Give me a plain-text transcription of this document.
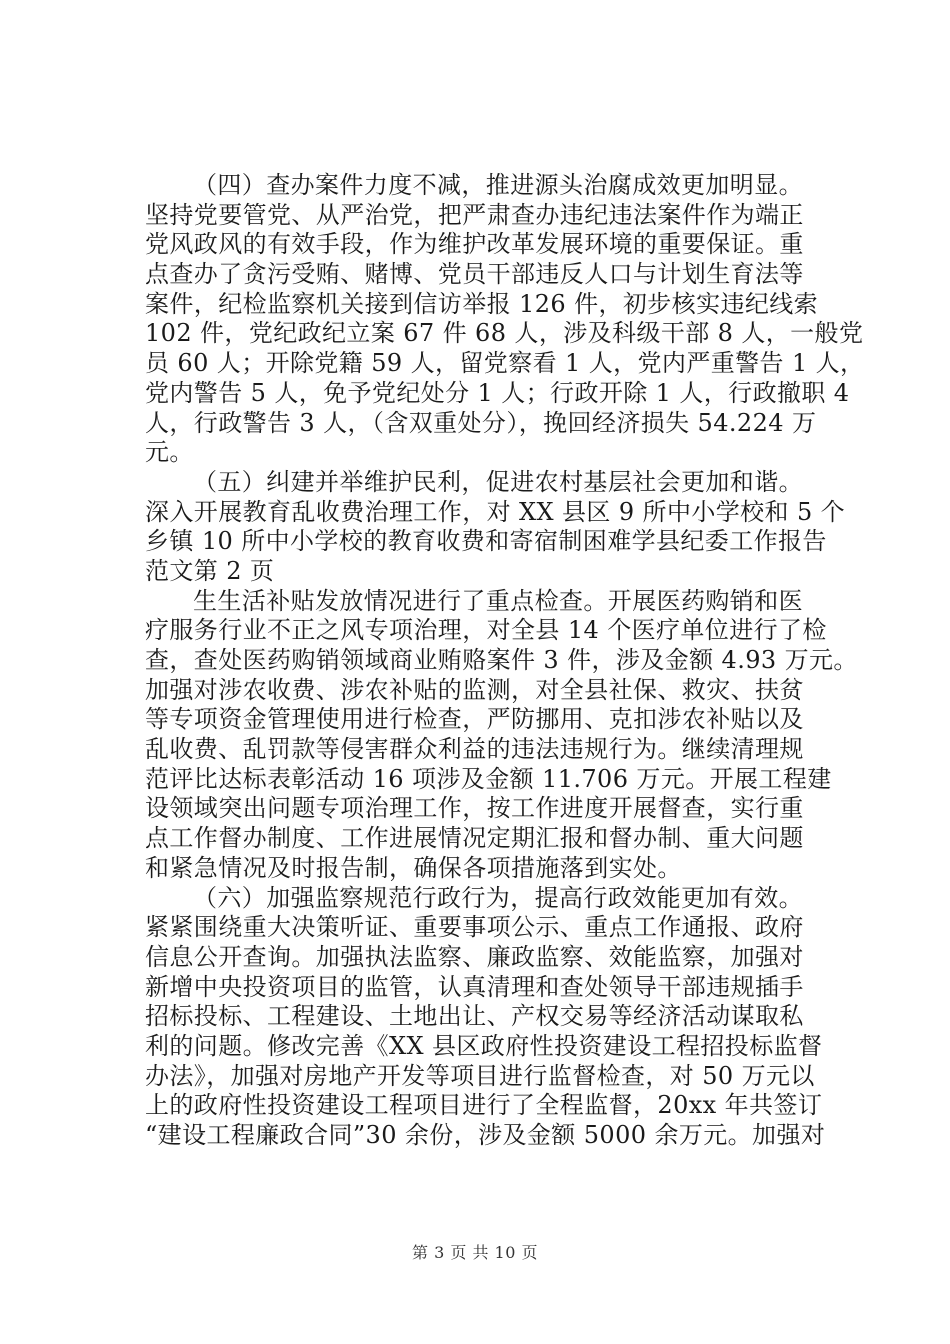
（四）查办案件力度不减，推进源头治腐成效更加明显。
坚持党要管党、从严治党，把严肃查办违纪违法案件作为端正
党风政风的有效手段，作为维护改革发展环境的重要保证。重
点查办了贪污受贿、赌博、党员干部违反人口与计划生育法等
案件，纪检监察机关接到信访举报 126 件，初步核实违纪线索
102 件，党纪政纪立案 67 件 68 人，涉及科级干部 8 人，一般党
员 60 人；开除党籍 59 人，留党察看 1 人，党内严重警告 1 人，
党内警告 5 人，免予党纪处分 1 人；行政开除 1 人，行政撤职 4
人，行政警告 3 人，（含双重处分），挽回经济损失 54.224 万
元。
（五）纠建并举维护民利，促进农村基层社会更加和谐。
深入开展教育乱收费治理工作，对 XX 县区 9 所中小学校和 5 个
乡镇 10 所中小学校的教育收费和寄宿制困难学县纪委工作报告
范文第 2 页
生生活补贴发放情况进行了重点检查。开展医药购销和医
疗服务行业不正之风专项治理，对全县 14 个医疗单位进行了检
查，查处医药购销领域商业贿赂案件 3 件，涉及金额 4.93 万元。
加强对涉农收费、涉农补贴的监测，对全县社保、救灾、扶贫
等专项资金管理使用进行检查，严防挪用、克扣涉农补贴以及
乱收费、乱罚款等侵害群众利益的违法违规行为。继续清理规
范评比达标表彰活动 16 项涉及金额 11.706 万元。开展工程建
设领域突出问题专项治理工作，按工作进度开展督查，实行重
点工作督办制度、工作进展情况定期汇报和督办制、重大问题
和紧急情况及时报告制，确保各项措施落到实处。
（六）加强监察规范行政行为，提高行政效能更加有效。
紧紧围绕重大决策听证、重要事项公示、重点工作通报、政府
信息公开查询。加强执法监察、廉政监察、效能监察，加强对
新增中央投资项目的监管，认真清理和查处领导干部违规插手
招标投标、工程建设、土地出让、产权交易等经济活动谋取私
利的问题。修改完善《XX 县区政府性投资建设工程招投标监督
办法》，加强对房地产开发等项目进行监督检查，对 50 万元以
上的政府性投资建设工程项目进行了全程监督，20xx 年共签订
“建设工程廉政合同”30 余份，涉及金额 5000 余万元。加强对
第 3 页 共 10 页
